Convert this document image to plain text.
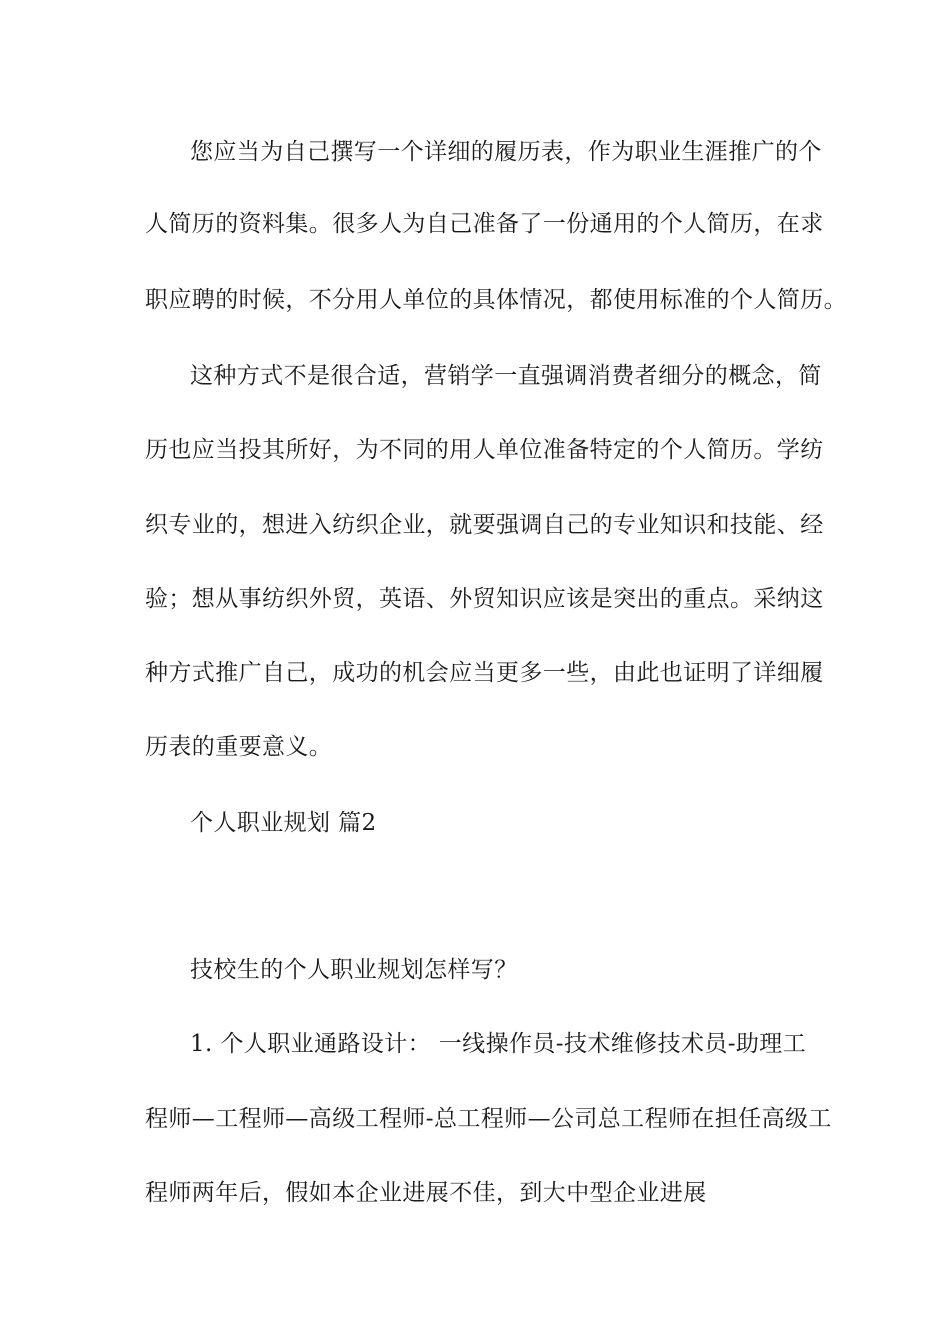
您应当为自己撰写一个详细的履历表，作为职业生涯推广的个
人简历的资料集。很多人为自己准备了一份通用的个人简历，在求
职应聘的时候，不分用人单位的具体情况，都使用标准的个人简历。
这种方式不是很合适，营销学一直强调消费者细分的概念，简
历也应当投其所好，为不同的用人单位准备特定的个人简历。学纺
织专业的，想进入纺织企业，就要强调自己的专业知识和技能、经
验；想从事纺织外贸，英语、外贸知识应该是突出的重点。采纳这
种方式推广自己，成功的机会应当更多一些，由此也证明了详细履
历表的重要意义。
个人职业规划 篇2
技校生的个人职业规划怎样写？
1. 个人职业通路设计： 一线操作员-技术维修技术员-助理工
程师—工程师—高级工程师-总工程师—公司总工程师在担任高级工
程师两年后，假如本企业进展不佳，到大中型企业进展
